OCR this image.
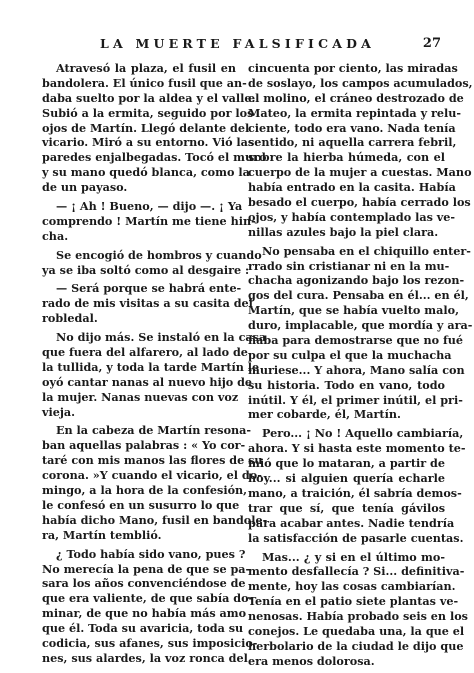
LA MUERTE FALSIFICADA	27
Atravesó la plaza, el fusil en
bandolera. El único fusil que an-
daba suelto por la aldea y el valle.
Subió a la ermita, seguido por los
ojos de Martín. Llegó delante del
vicario. Miró a su entorno. Vió las
paredes enjalbegadas. Tocó el muro
y su mano quedó blanca, como la
de un payaso.
— ¡ Ah ! Bueno, — dijo —. ¡ Ya
comprendo ! Martín me tiene hin-
cha.
Se encogió de hombros y cuando
ya se iba soltó como al desgaire :
— Será porque se habrá ente-
rado de mis visitas a su casita del
robledal.
No dijo más. Se instaló en la casa
que fuera del alfarero, al lado de
la tullida, y toda la tarde Martín le
oyó cantar nanas al nuevo hijo de
la mujer. Nanas nuevas con voz
vieja.
En la cabeza de Martín resona-
ban aquellas palabras : « Yo cor-
taré con mis manos las flores de su
corona. »Y cuando el vicario, el do-
mingo, a la hora de la confesión,
le confesó en un susurro lo que
había dicho Mano, fusil en bandole-
ra, Martín temblió.
¿ Todo había sido vano, pues ?
No merecía la pena de que se pa-
sara los años convenciéndose de
que era valiente, de que sabía do-
minar, de que no había más amo
que él. Toda su avaricia, toda su
codicia, sus afanes, sus imposicio-
nes, sus alardes, la voz ronca del
cincuenta por ciento, las miradas
de soslayo, los campos acumulados,
el molino, el cráneo destrozado de
Mateo, la ermita repintada y relu-
ciente, todo era vano. Nada tenía
sentido, ni aquella carrera febril,
sobre la hierba húmeda, con el
cuerpo de la mujer a cuestas. Mano
había entrado en la casita. Había
besado el cuerpo, había cerrado los
ojos, y había contemplado las ve-
nillas azules bajo la piel clara.
No pensaba en el chiquillo enter-
rrado sin cristianar ni en la mu-
chacha agonizando bajo los rezon-
gos del cura. Pensaba en él... en él,
Martín, que se había vuelto malo,
duro, implacable, que mordía y ara-
ñaba para demostrarse que no fué
por su culpa el que la muchacha
muriese... Y ahora, Mano salía con
su historia. Todo en vano, todo
inútil. Y él, el primer inútil, el pri-
mer cobarde, él, Martín.
Pero... ¡ No ! Aquello cambiaría,
ahora. Y si hasta este momento te-
mió que lo mataran, a partir de
hoy... si alguien quería echarle
mano, a traición, él sabría demos-
trar que sí, que tenía gávilos
para acabar antes. Nadie tendría
la satisfacción de pasarle cuentas.
Mas... ¿ y si en el último mo-
mento desfallecía ? Si... definitiva-
mente, hoy las cosas cambiarían.
Tenía en el patio siete plantas ve-
nenosas. Había probado seis en los
conejos. Le quedaba una, la que el
herbolario de la ciudad le dijo que
era menos dolorosa.
